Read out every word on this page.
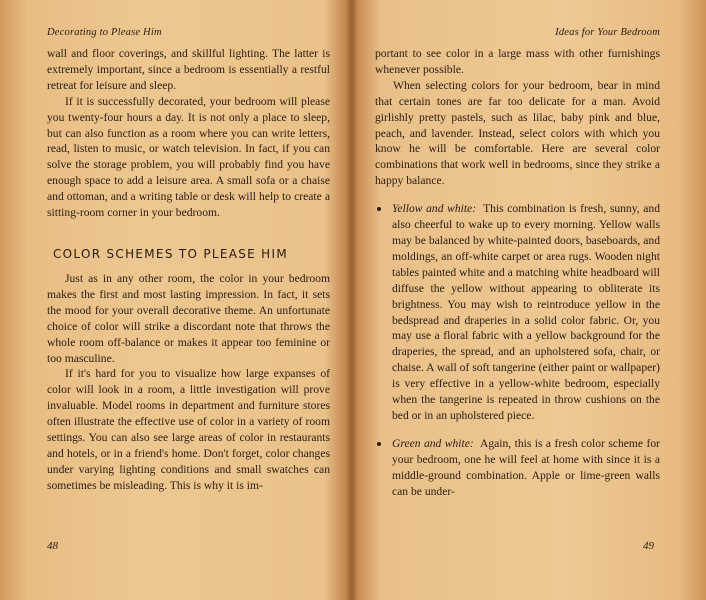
Decorating to Please Him

wall and floor coverings, and skillful lighting. The latter is extremely important, since a bedroom is essentially a restful retreat for leisure and sleep.

If it is successfully decorated, your bedroom will please you twenty-four hours a day. It is not only a place to sleep, but can also function as a room where you can write letters, read, listen to music, or watch television. In fact, if you can solve the storage problem, you will probably find you have enough space to add a leisure area. A small sofa or a chaise and ottoman, and a writing table or desk will help to create a sitting-room corner in your bedroom.

COLOR SCHEMES TO PLEASE HIM

Just as in any other room, the color in your bedroom makes the first and most lasting impression. In fact, it sets the mood for your overall decorative theme. An unfortunate choice of color will strike a discordant note that throws the whole room off-balance or makes it appear too feminine or too masculine.

If it's hard for you to visualize how large expanses of color will look in a room, a little investigation will prove invaluable. Model rooms in department and furniture stores often illustrate the effective use of color in a variety of room settings. You can also see large areas of color in restaurants and hotels, or in a friend's home. Don't forget, color changes under varying lighting conditions and small swatches can sometimes be misleading. This is why it is im-

48
Ideas for Your Bedroom

portant to see color in a large mass with other furnishings whenever possible.

When selecting colors for your bedroom, bear in mind that certain tones are far too delicate for a man. Avoid girlishly pretty pastels, such as lilac, baby pink and blue, peach, and lavender. Instead, select colors with which you know he will be comfortable. Here are several color combinations that work well in bedrooms, since they strike a happy balance.

Yellow and white: This combination is fresh, sunny, and also cheerful to wake up to every morning. Yellow walls may be balanced by white-painted doors, baseboards, and moldings, an off-white carpet or area rugs. Wooden night tables painted white and a matching white headboard will diffuse the yellow without appearing to obliterate its brightness. You may wish to reintroduce yellow in the bedspread and draperies in a solid color fabric. Or, you may use a floral fabric with a yellow background for the draperies, the spread, and an upholstered sofa, chair, or chaise. A wall of soft tangerine (either paint or wallpaper) is very effective in a yellow-white bedroom, especially when the tangerine is repeated in throw cushions on the bed or in an upholstered piece.

Green and white: Again, this is a fresh color scheme for your bedroom, one he will feel at home with since it is a middle-ground combination. Apple or lime-green walls can be under-

49
